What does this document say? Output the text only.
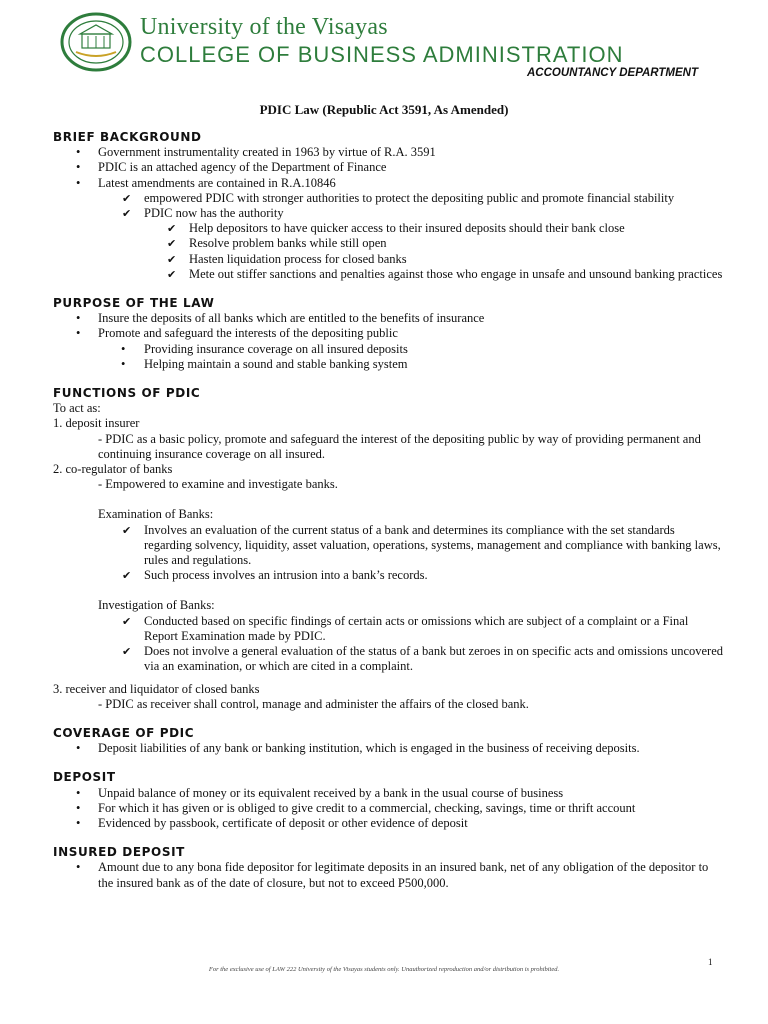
University of the Visayas
COLLEGE OF BUSINESS ADMINISTRATION
ACCOUNTANCY DEPARTMENT
PDIC Law (Republic Act 3591, As Amended)
BRIEF BACKGROUND
• Government instrumentality created in 1963 by virtue of R.A. 3591
• PDIC is an attached agency of the Department of Finance
• Latest amendments are contained in R.A.10846
✔ empowered PDIC with stronger authorities to protect the depositing public and promote financial stability
✔ PDIC now has the authority
✔ Help depositors to have quicker access to their insured deposits should their bank close
✔ Resolve problem banks while still open
✔ Hasten liquidation process for closed banks
✔ Mete out stiffer sanctions and penalties against those who engage in unsafe and unsound banking practices
PURPOSE OF THE LAW
• Insure the deposits of all banks which are entitled to the benefits of insurance
• Promote and safeguard the interests of the depositing public
• Providing insurance coverage on all insured deposits
• Helping maintain a sound and stable banking system
FUNCTIONS OF PDIC
To act as:
1. deposit insurer
- PDIC as a basic policy, promote and safeguard the interest of the depositing public by way of providing permanent and continuing insurance coverage on all insured.
2. co-regulator of banks
- Empowered to examine and investigate banks.
Examination of Banks:
✔ Involves an evaluation of the current status of a bank and determines its compliance with the set standards regarding solvency, liquidity, asset valuation, operations, systems, management and compliance with banking laws, rules and regulations.
✔ Such process involves an intrusion into a bank’s records.
Investigation of Banks:
✔ Conducted based on specific findings of certain acts or omissions which are subject of a complaint or a Final Report Examination made by PDIC.
✔ Does not involve a general evaluation of the status of a bank but zeroes in on specific acts and omissions uncovered via an examination, or which are cited in a complaint.
3. receiver and liquidator of closed banks
- PDIC as receiver shall control, manage and administer the affairs of the closed bank.
COVERAGE OF PDIC
• Deposit liabilities of any bank or banking institution, which is engaged in the business of receiving deposits.
DEPOSIT
• Unpaid balance of money or its equivalent received by a bank in the usual course of business
• For which it has given or is obliged to give credit to a commercial, checking, savings, time or thrift account
• Evidenced by passbook, certificate of deposit or other evidence of deposit
INSURED DEPOSIT
• Amount due to any bona fide depositor for legitimate deposits in an insured bank, net of any obligation of the depositor to the insured bank as of the date of closure, but not to exceed P500,000.
1
For the exclusive use of LAW 222 University of the Visayas students only. Unauthorized reproduction and/or distribution is prohibited.
